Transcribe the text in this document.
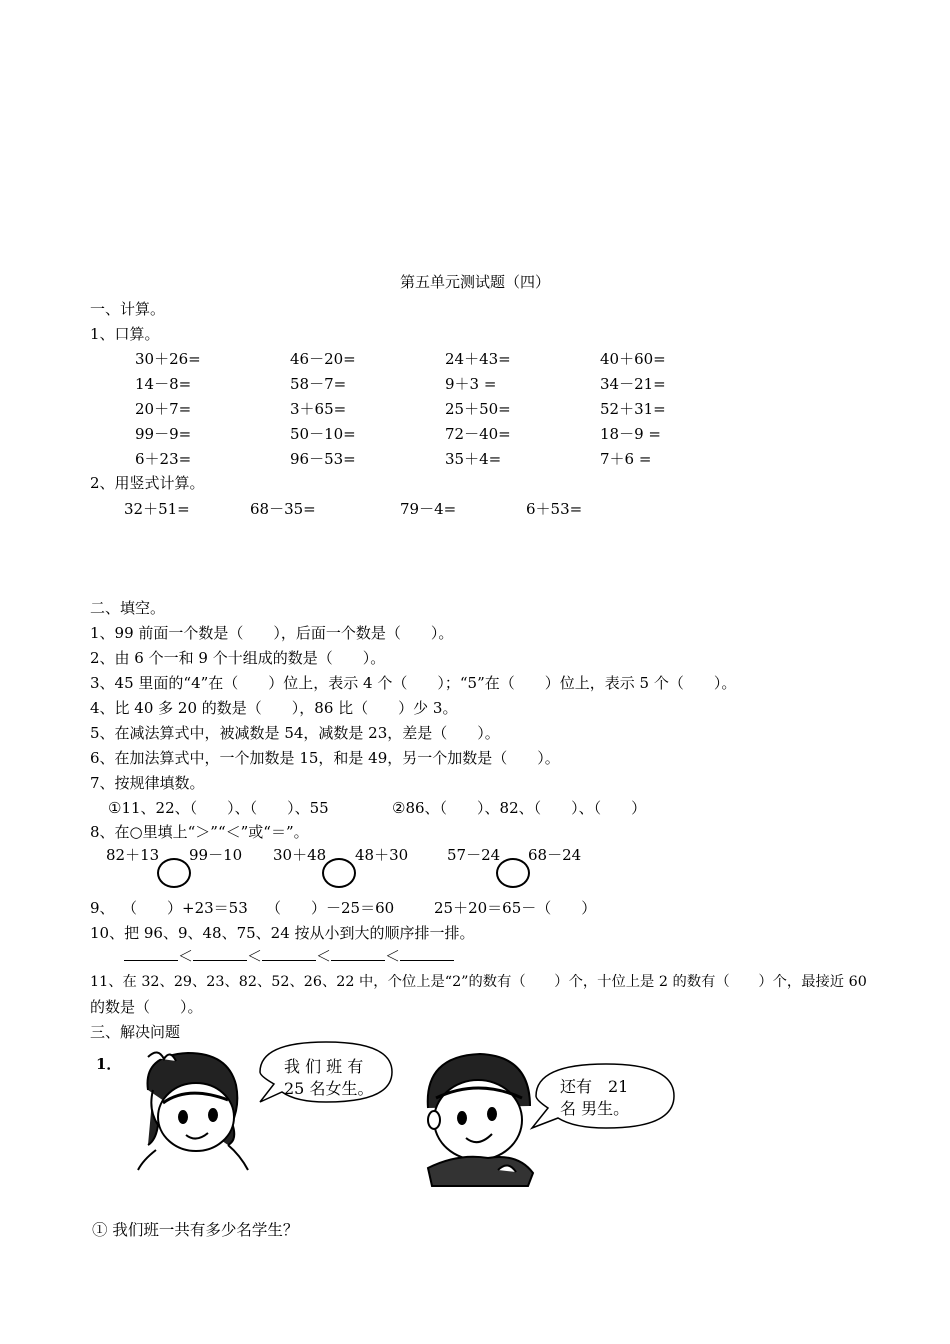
第五单元测试题（四）
一、计算。
1、口算。
30＋26=	46－20=	24＋43=	40＋60=
14－8=	58－7=	9＋3 =	34－21=
20＋7=	3＋65=	25＋50=	52＋31=
99－9=	50－10=	72－40=	18－9 =
6＋23=	96－53=	35＋4=	7＋6 =
2、用竖式计算。
32＋51=	68－35=	79－4=	6＋53=
二、填空。
1、99 前面一个数是（　　），后面一个数是（　　）。
2、由 6 个一和 9 个十组成的数是（　　）。
3、45 里面的“4”在（　　）位上，表示 4 个（　　）；“5”在（　　）位上，表示 5 个（　　）。
4、比 40 多 20 的数是（　　），86 比（　　）少 3。
5、在减法算式中，被减数是 54，减数是 23，差是（　　）。
6、在加法算式中，一个加数是 15，和是 49，另一个加数是（　　）。
7、按规律填数。
①11、22、（　　）、（　　）、55	②86、（　　）、82、（　　）、（　　）
8、在○里填上“＞”“＜”或“＝”。
82＋13 99－10 30＋48 48＋30	57－24 68－24
9、 （　　）+23＝53 （　　）－25＝60	25＋20＝65－（　　）
10、把 96、9、48、75、24 按从小到大的顺序排一排。
＜	＜	＜	＜
11、在 32、29、23、82、52、26、22 中，个位上是“2”的数有（　　）个，十位上是 2 的数有（　　）个，最接近 60
的数是（　　）。
三、解决问题
1．	我 们 班 有 25 名女生。	还有　21　名 男生。
① 我们班一共有多少名学生？
